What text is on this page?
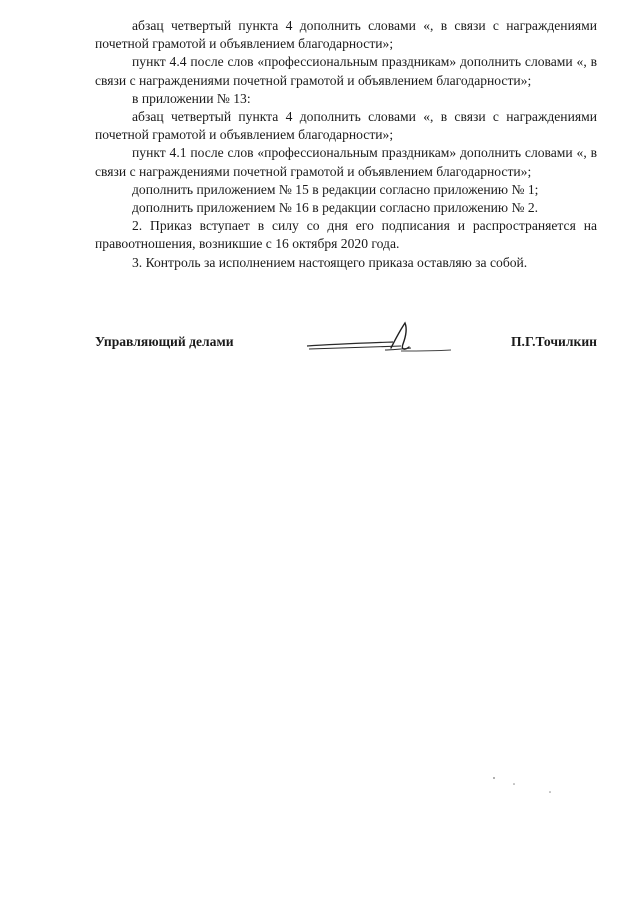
абзац четвертый пункта 4 дополнить словами «, в связи с награждениями почетной грамотой и объявлением благодарности»;

пункт 4.4 после слов «профессиональным праздникам» дополнить словами «, в связи с награждениями почетной грамотой и объявлением благодарности»;

в приложении № 13:

абзац четвертый пункта 4 дополнить словами «, в связи с награждениями почетной грамотой и объявлением благодарности»;

пункт 4.1 после слов «профессиональным праздникам» дополнить словами «, в связи с награждениями почетной грамотой и объявлением благодарности»;

дополнить приложением № 15 в редакции согласно приложению № 1;

дополнить приложением № 16 в редакции согласно приложению № 2.

2. Приказ вступает в силу со дня его подписания и распространяется на правоотношения, возникшие с 16 октября 2020 года.

3. Контроль за исполнением настоящего приказа оставляю за собой.

Управляющий делами	П.Г.Точилкин
